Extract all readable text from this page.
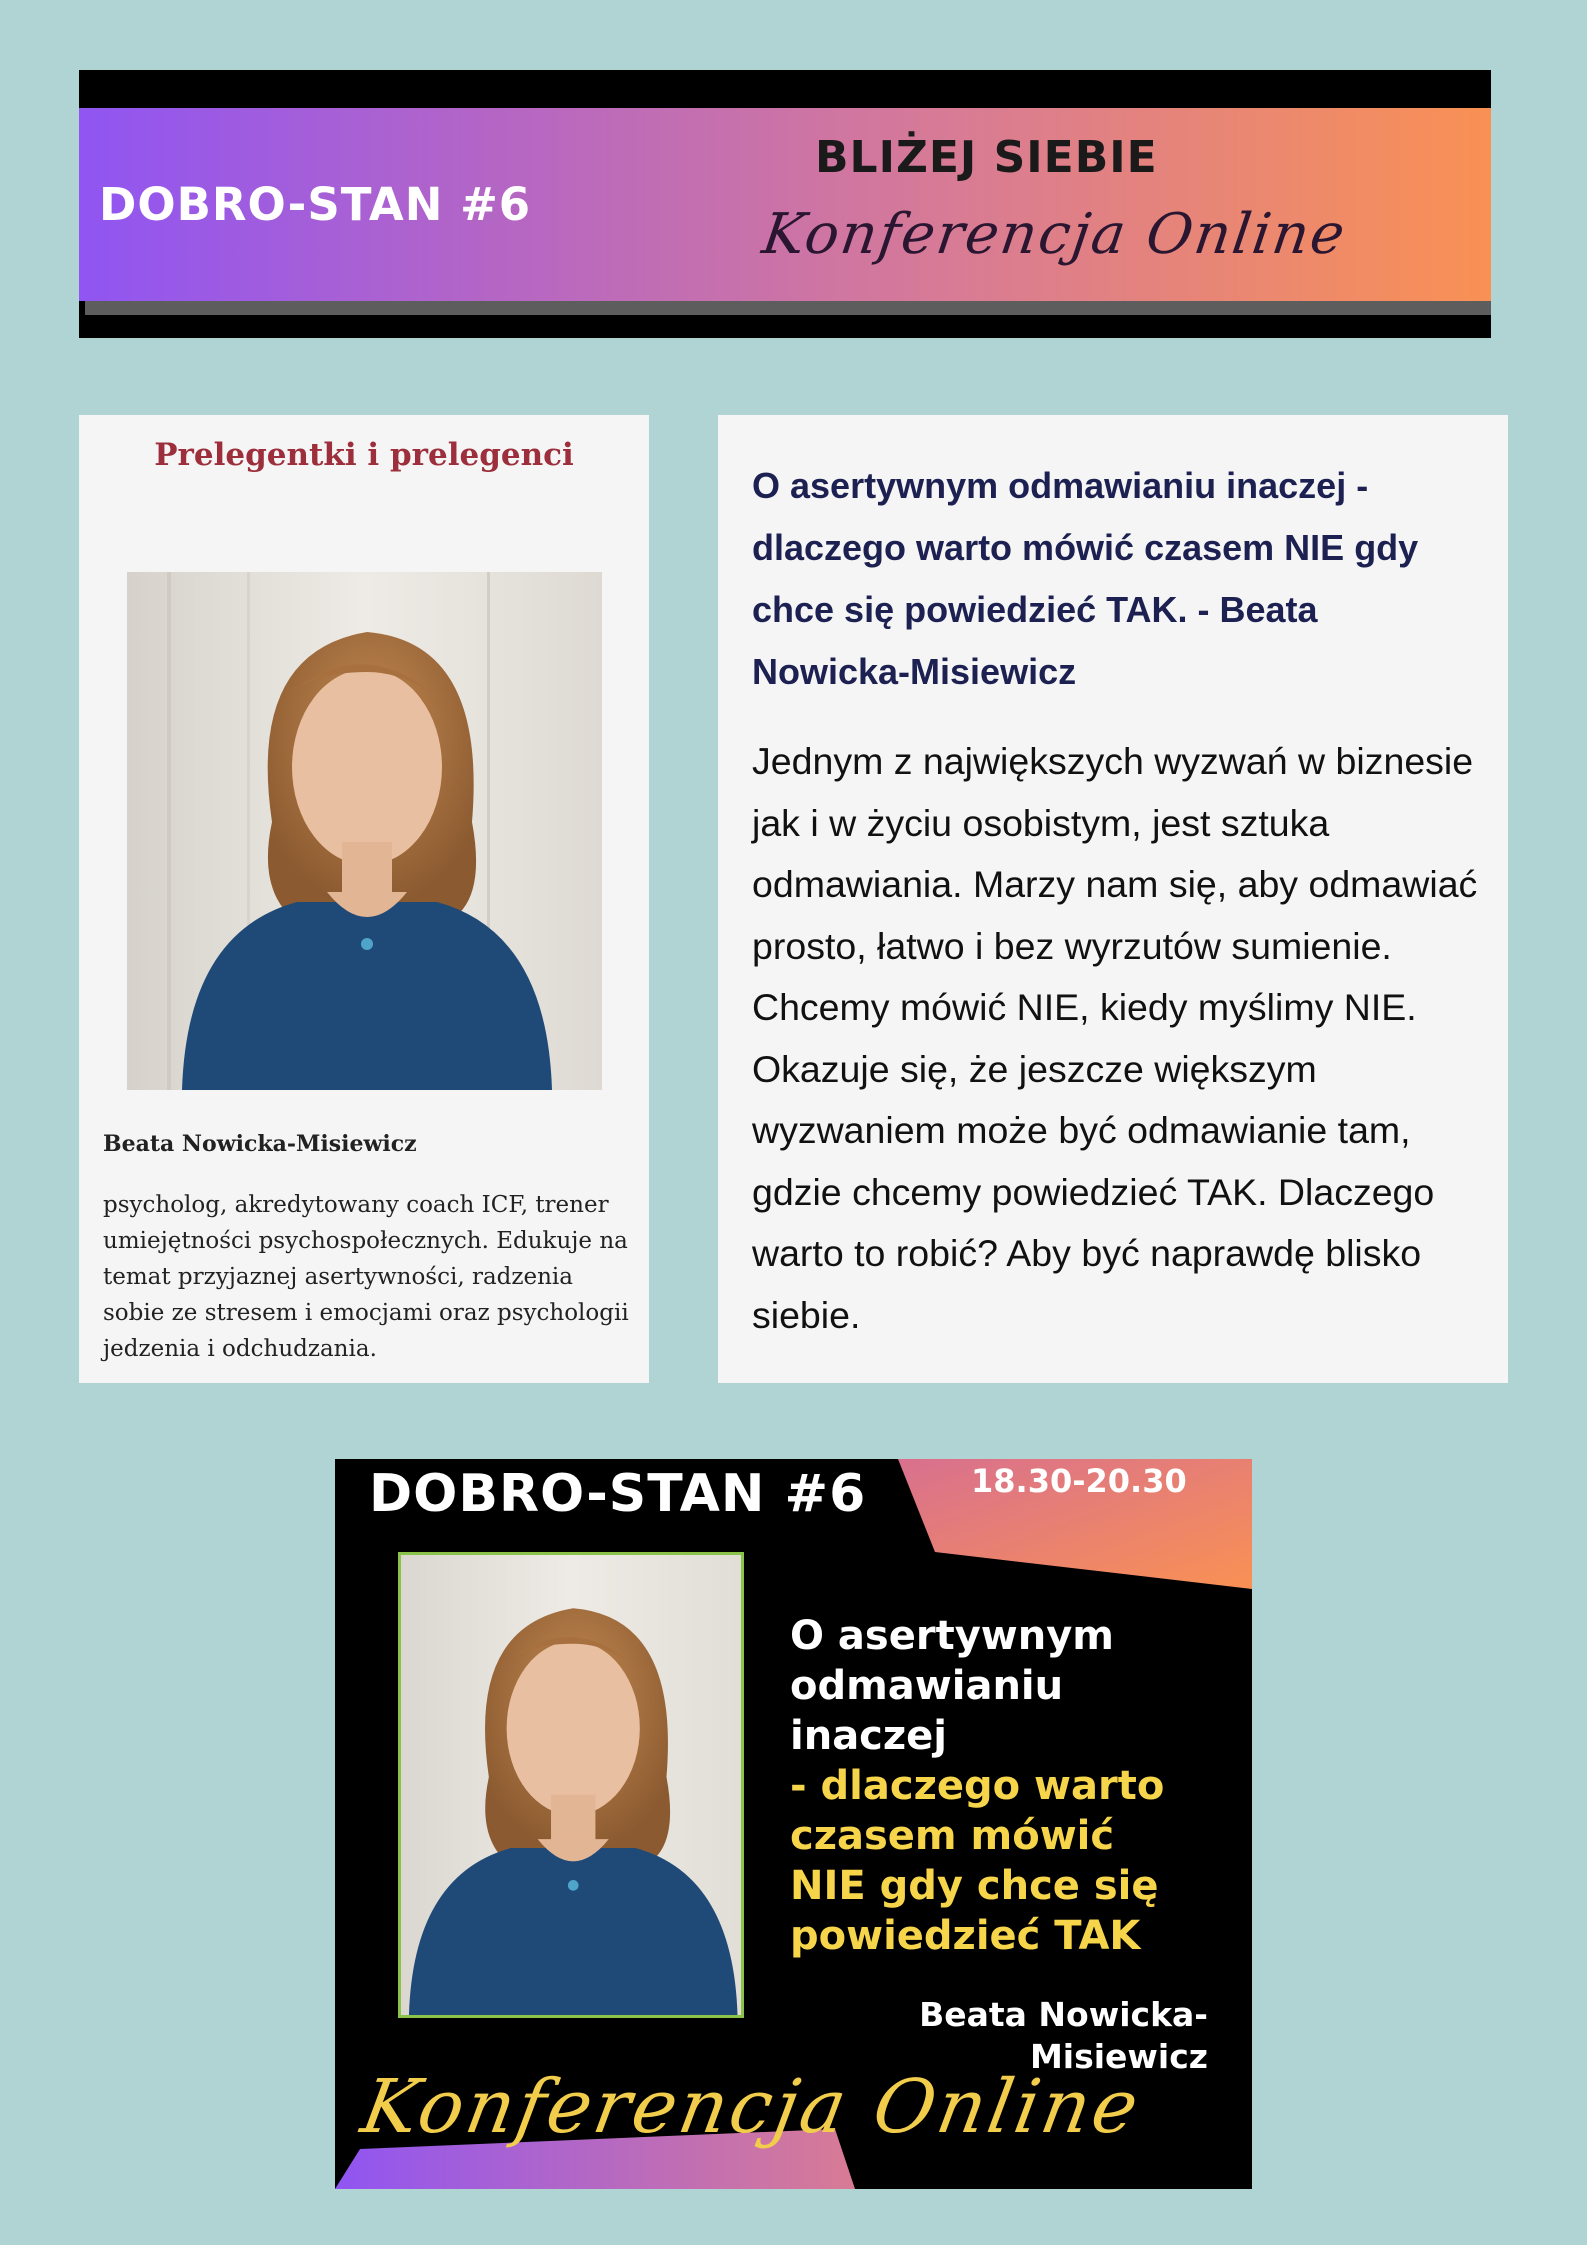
DOBRO-STAN #6
BLIŻEJ SIEBIE
Konferencja Online
Prelegentki i prelegenci
Beata Nowicka-Misiewicz
psycholog, akredytowany coach ICF, trener umiejętności psychospołecznych. Edukuje na temat przyjaznej asertywności, radzenia sobie ze stresem i emocjami oraz psychologii jedzenia i odchudzania.
O asertywnym odmawianiu inaczej - dlaczego warto mówić czasem NIE gdy chce się powiedzieć TAK. - Beata Nowicka-Misiewicz
Jednym z największych wyzwań w biznesie jak i w życiu osobistym, jest sztuka odmawiania. Marzy nam się, aby odmawiać prosto, łatwo i bez wyrzutów sumienie. Chcemy mówić NIE, kiedy myślimy NIE. Okazuje się, że jeszcze większym wyzwaniem może być odmawianie tam, gdzie chcemy powiedzieć TAK. Dlaczego warto to robić? Aby być naprawdę blisko siebie.
DOBRO-STAN #6	18.30-20.30
O asertywnym
odmawianiu
inaczej
- dlaczego warto
czasem mówić
NIE gdy chce się
powiedzieć TAK
Beata Nowicka-
Misiewicz
Konferencja Online
